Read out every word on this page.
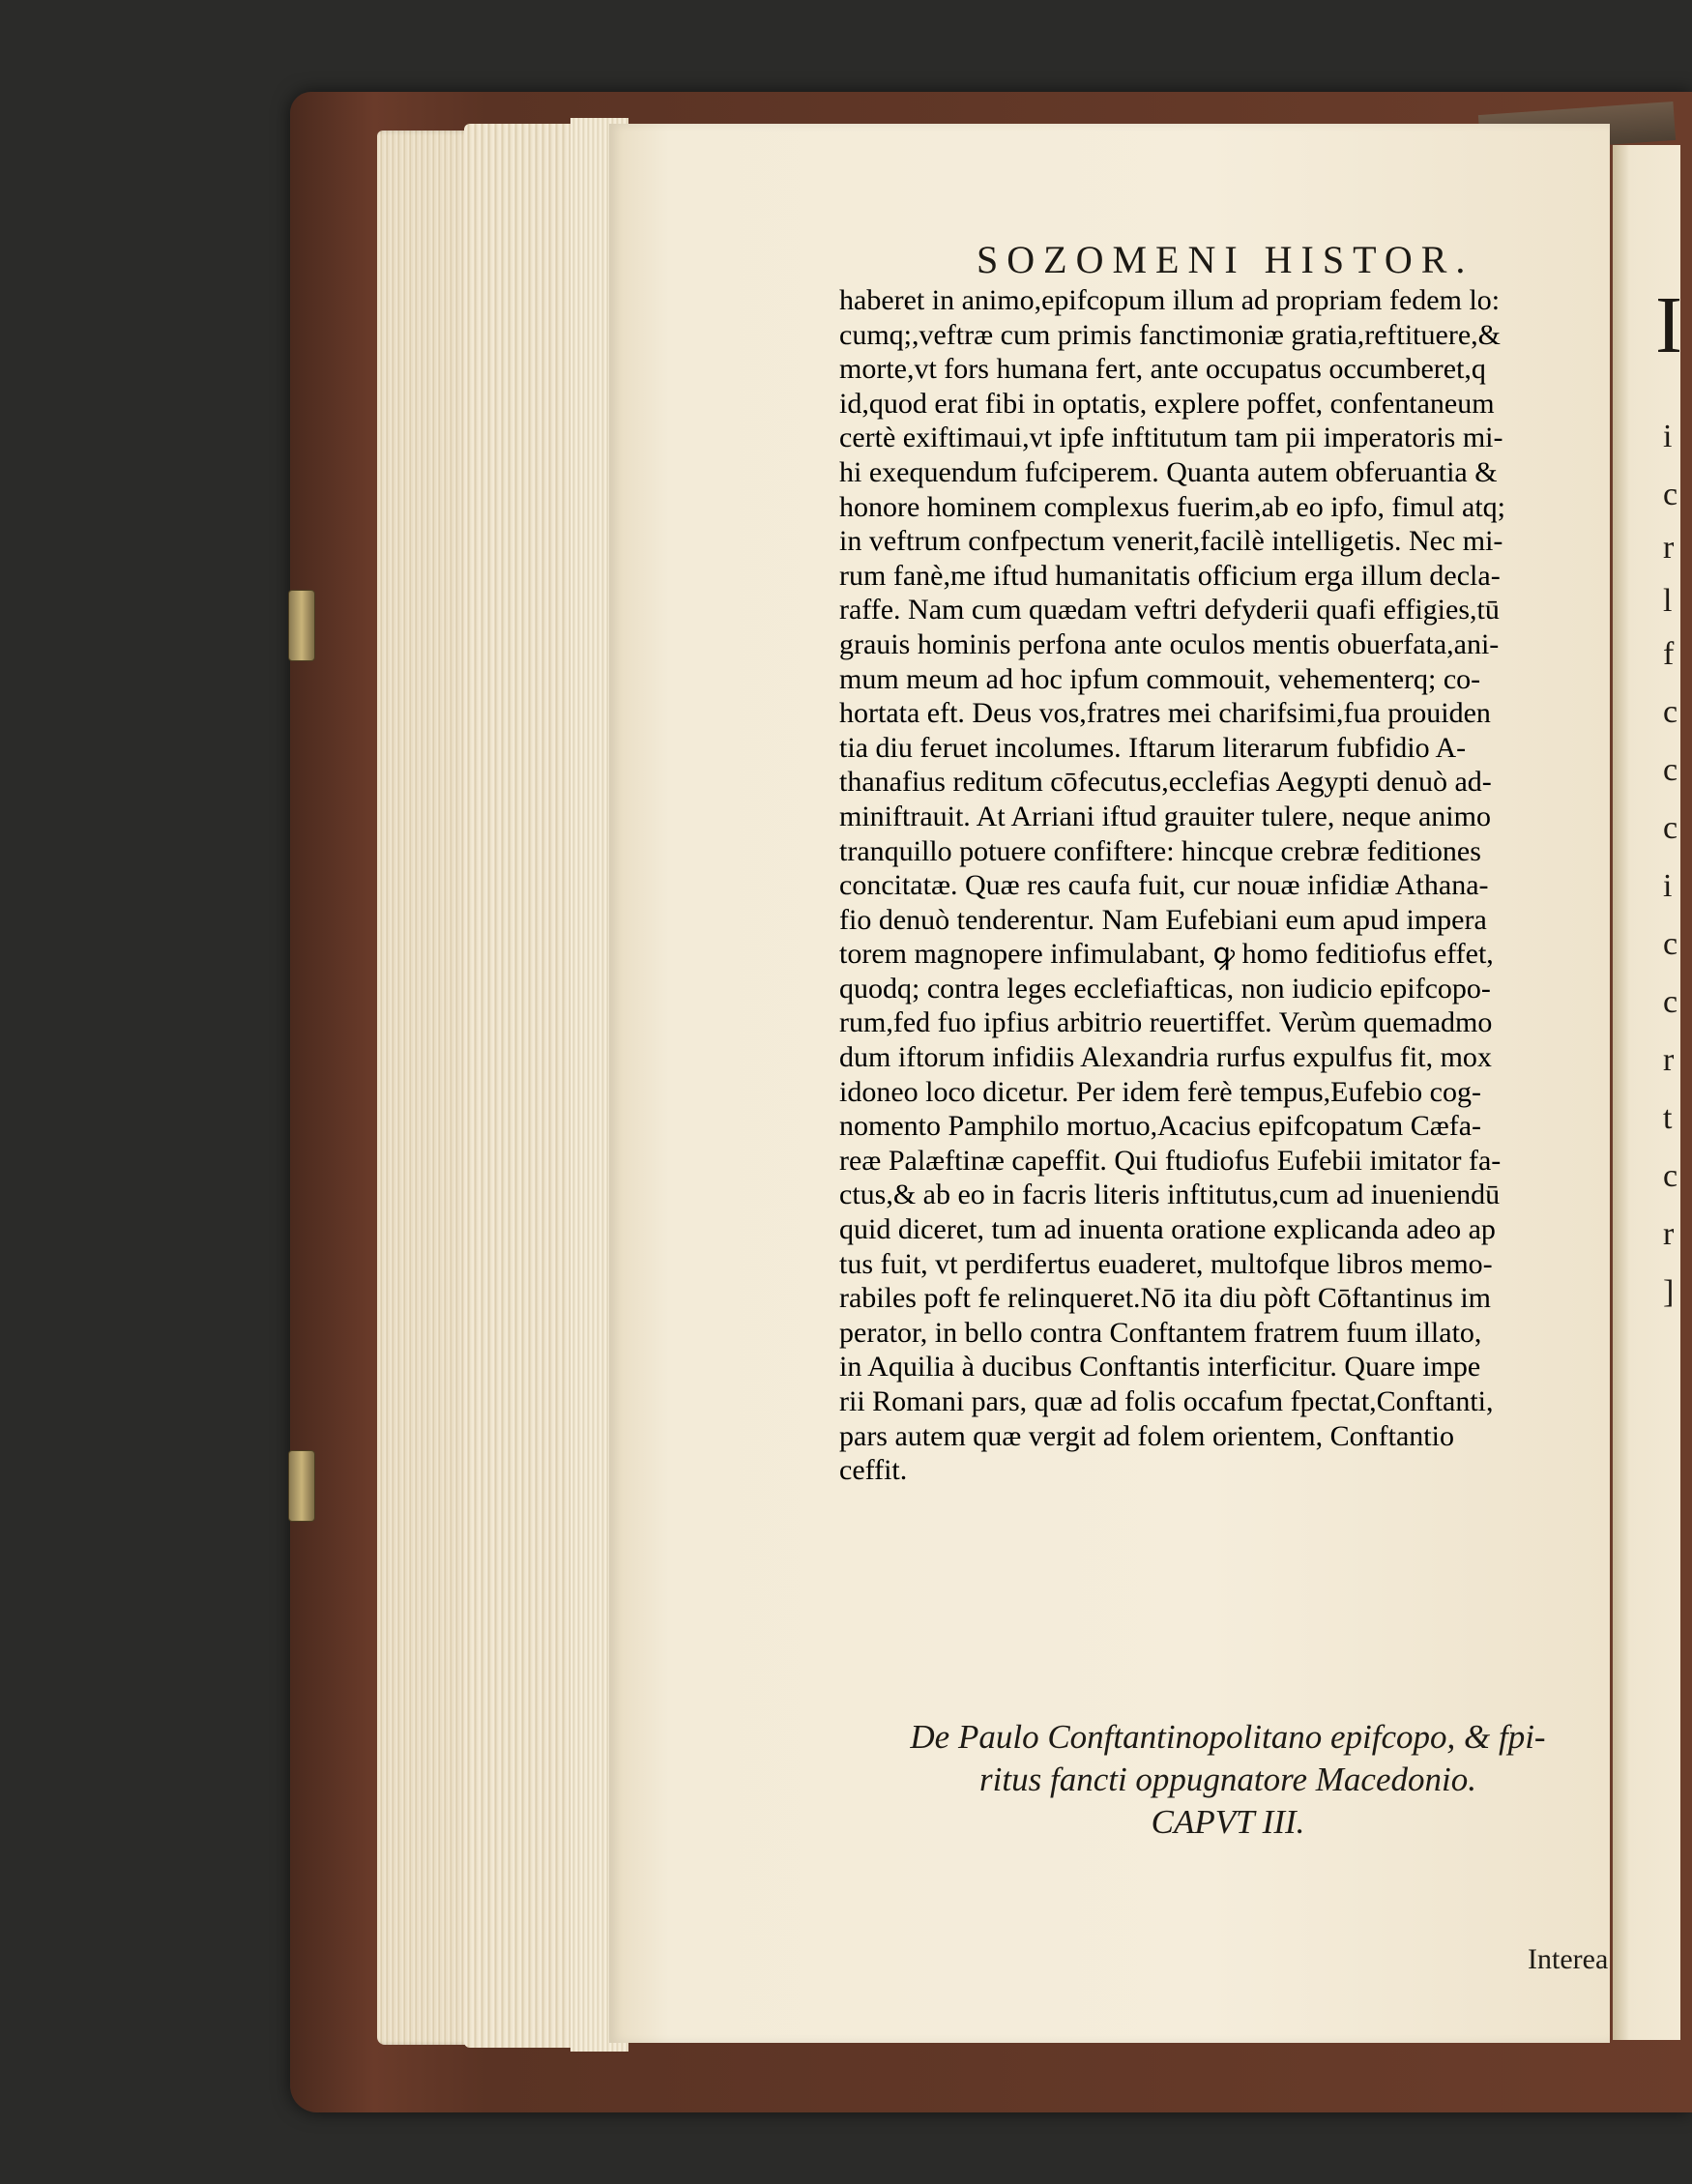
I
i
c
r
l
f
c
c
c
i
c
c
r
t
c
r
]
SOZOMENI HISTOR.
haberet in animo,epifcopum illum ad propriam fedem lo:
cumq;,veftræ cum primis fanctimoniæ gratia,reftituere,&
morte,vt fors humana fert, ante occupatus occumberet,q
id,quod erat fibi in optatis, explere poffet, confentaneum
certè exiftimaui,vt ipfe inftitutum tam pii imperatoris mi-
hi exequendum fufciperem. Quanta autem obferuantia &
honore hominem complexus fuerim,ab eo ipfo, fimul atq;
in veftrum confpectum venerit,facilè intelligetis. Nec mi-
rum fanè,me iftud humanitatis officium erga illum decla-
raffe. Nam cum quædam veftri defyderii quafi effigies,tū
grauis hominis perfona ante oculos mentis obuerfata,ani-
mum meum ad hoc ipfum commouit, vehementerq; co-
hortata eft. Deus vos,fratres mei charifsimi,fua prouiden
tia diu feruet incolumes. Iftarum literarum fubfidio A-
thanafius reditum cōfecutus,ecclefias Aegypti denuò ad-
miniftrauit. At Arriani iftud grauiter tulere, neque animo
tranquillo potuere confiftere: hincque crebræ feditiones
concitatæ. Quæ res caufa fuit, cur nouæ infidiæ Athana-
fio denuò tenderentur. Nam Eufebiani eum apud impera
torem magnopere infimulabant, ꝙ homo feditiofus effet,
quodq; contra leges ecclefiafticas, non iudicio epifcopo-
rum,fed fuo ipfius arbitrio reuertiffet. Verùm quemadmo
dum iftorum infidiis Alexandria rurfus expulfus fit, mox
idoneo loco dicetur. Per idem ferè tempus,Eufebio cog-
nomento Pamphilo mortuo,Acacius epifcopatum Cæfa-
reæ Palæftinæ capeffit. Qui ftudiofus Eufebii imitator fa-
ctus,& ab eo in facris literis inftitutus,cum ad inueniendū
quid diceret, tum ad inuenta oratione explicanda adeo ap
tus fuit, vt perdifertus euaderet, multofque libros memo-
rabiles poft fe relinqueret.Nō ita diu pòft Cōftantinus im
perator, in bello contra Conftantem fratrem fuum illato,
in Aquilia à ducibus Conftantis interficitur. Quare impe
rii Romani pars, quæ ad folis occafum fpectat,Conftanti,
pars autem quæ vergit ad folem orientem, Conftantio
ceffit.
De Paulo Conftantinopolitano epifcopo, & fpi-
ritus fancti oppugnatore Macedonio.
CAPVT III.
Interea
